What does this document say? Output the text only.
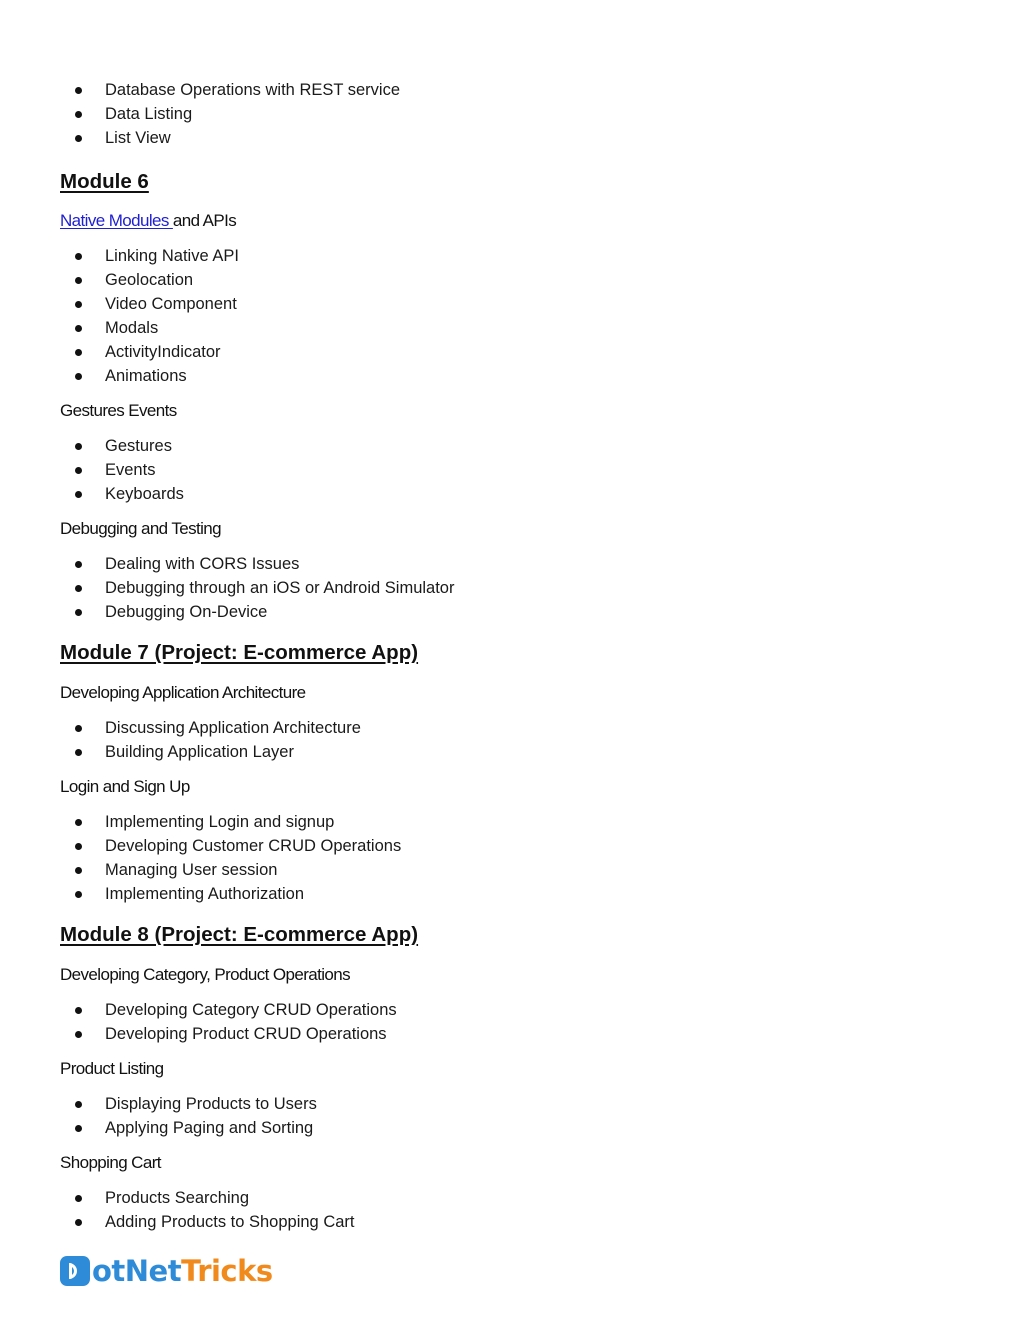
Database Operations with REST service
Data Listing
List View
Module 6

Native Modules and APIs

Linking Native API
Geolocation
Video Component
Modals
ActivityIndicator
Animations

Gestures Events

Gestures
Events
Keyboards

Debugging and Testing

Dealing with CORS Issues
Debugging through an iOS or Android Simulator
Debugging On-Device
Module 7 (Project: E-commerce App)

Developing Application Architecture

Discussing Application Architecture
Building Application Layer

Login and Sign Up

Implementing Login and signup
Developing Customer CRUD Operations
Managing User session
Implementing Authorization
Module 8 (Project: E-commerce App)

Developing Category, Product Operations

Developing Category CRUD Operations
Developing Product CRUD Operations

Product Listing

Displaying Products to Users
Applying Paging and Sorting

Shopping Cart

Products Searching
Adding Products to Shopping Cart
otNet Tricks
